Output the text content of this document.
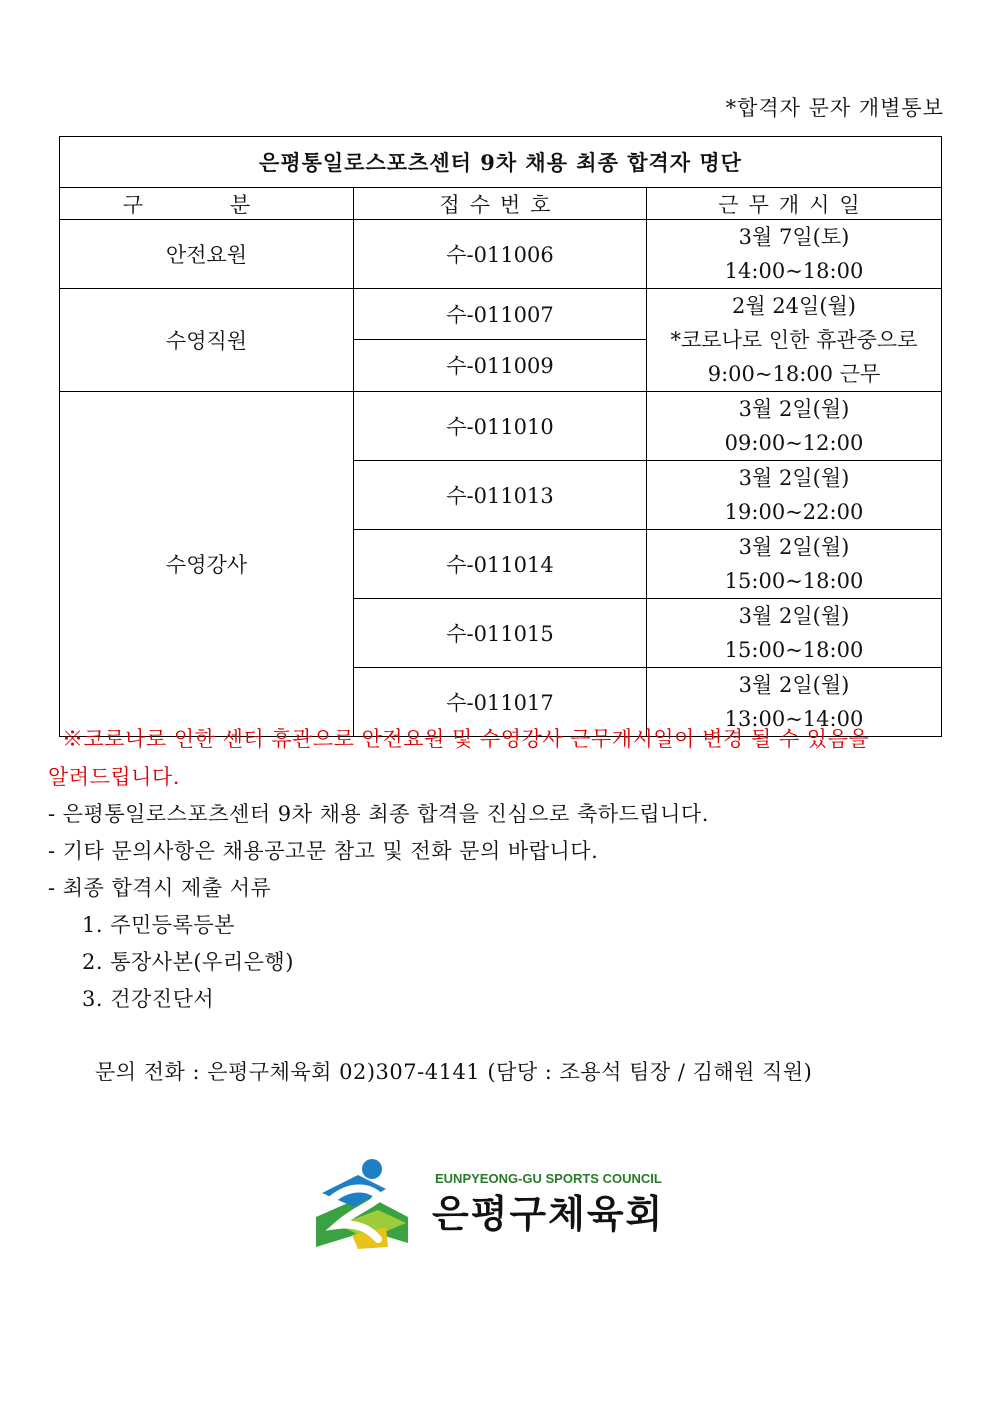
*합격자 문자 개별통보
은평통일로스포츠센터 9차 채용 최종 합격자 명단		
구 분	접수번호	근무개시일
안전요원	수-011006	3월 7일(토)
14:00~18:00

수영직원	수-011007	2월 24일(월)
*코로나로 인한 휴관중으로
9:00~18:00 근무

	수-011009	
수영강사	수-011010	3월 2일(월)
09:00~12:00

	수-011013	3월 2일(월)
19:00~22:00

	수-011014	3월 2일(월)
15:00~18:00

	수-011015	3월 2일(월)
15:00~18:00

	수-011017	3월 2일(월)
13:00~14:00
※코로나로 인한 센터 휴관으로 안전요원 및 수영강사 근무개시일이 변경 될 수 있음을
알려드립니다.
- 은평통일로스포츠센터 9차 채용 최종 합격을 진심으로 축하드립니다.
- 기타 문의사항은 채용공고문 참고 및 전화 문의 바랍니다.
- 최종 합격시 제출 서류
1. 주민등록등본
2. 통장사본(우리은행)
3. 건강진단서
문의 전화 : 은평구체육회 02)307-4141 (담당 : 조용석 팀장 / 김해원 직원)
EUNPYEONG-GU SPORTS COUNCIL
은평구체육회
